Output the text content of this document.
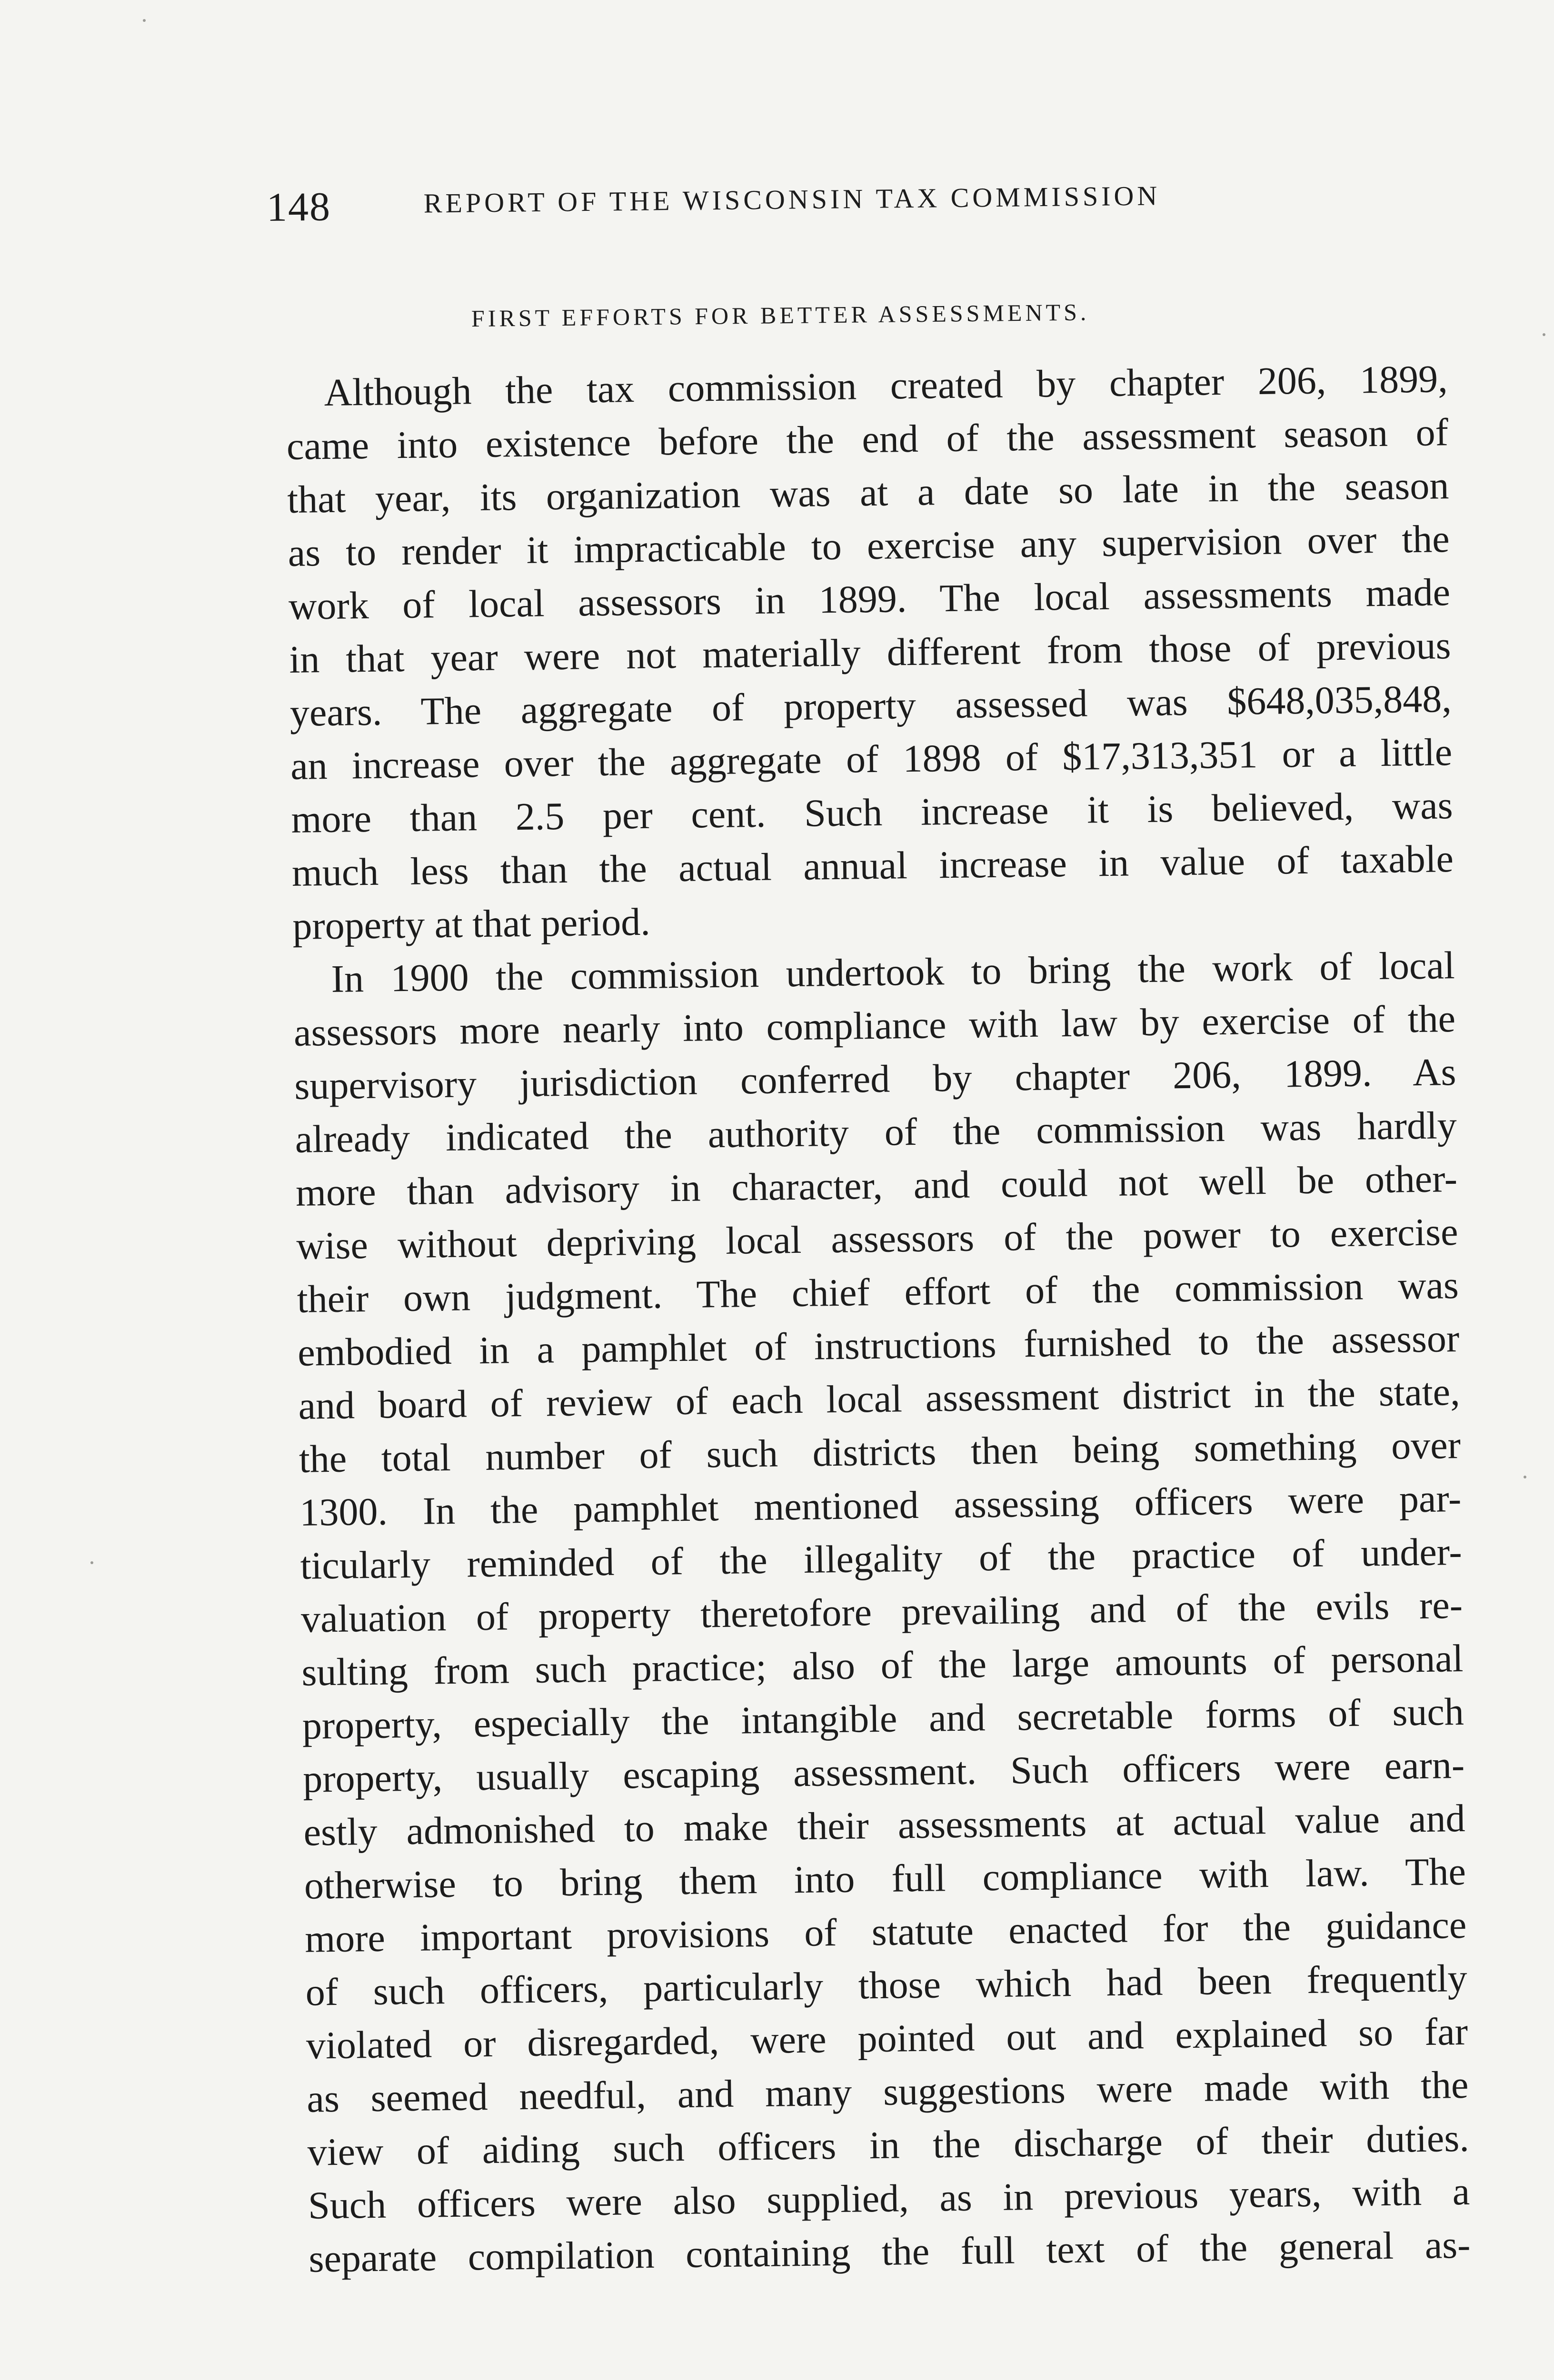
148	REPORT OF THE WISCONSIN TAX COMMISSION
FIRST EFFORTS FOR BETTER ASSESSMENTS.
Although the tax commission created by chapter 206, 1899,
came into existence before the end of the assessment season of
that year, its organization was at a date so late in the season
as to render it impracticable to exercise any supervision over the
work of local assessors in 1899. The local assessments made
in that year were not materially different from those of previous
years. The aggregate of property assessed was $648,035,848,
an increase over the aggregate of 1898 of $17,313,351 or a little
more than 2.5 per cent. Such increase it is believed, was
much less than the actual annual increase in value of taxable
property at that period.
In 1900 the commission undertook to bring the work of local
assessors more nearly into compliance with law by exercise of the
supervisory jurisdiction conferred by chapter 206, 1899. As
already indicated the authority of the commission was hardly
more than advisory in character, and could not well be other-
wise without depriving local assessors of the power to exercise
their own judgment. The chief effort of the commission was
embodied in a pamphlet of instructions furnished to the assessor
and board of review of each local assessment district in the state,
the total number of such districts then being something over
1300. In the pamphlet mentioned assessing officers were par-
ticularly reminded of the illegality of the practice of under-
valuation of property theretofore prevailing and of the evils re-
sulting from such practice; also of the large amounts of personal
property, especially the intangible and secretable forms of such
property, usually escaping assessment. Such officers were earn-
estly admonished to make their assessments at actual value and
otherwise to bring them into full compliance with law. The
more important provisions of statute enacted for the guidance
of such officers, particularly those which had been frequently
violated or disregarded, were pointed out and explained so far
as seemed needful, and many suggestions were made with the
view of aiding such officers in the discharge of their duties.
Such officers were also supplied, as in previous years, with a
separate compilation containing the full text of the general as-
